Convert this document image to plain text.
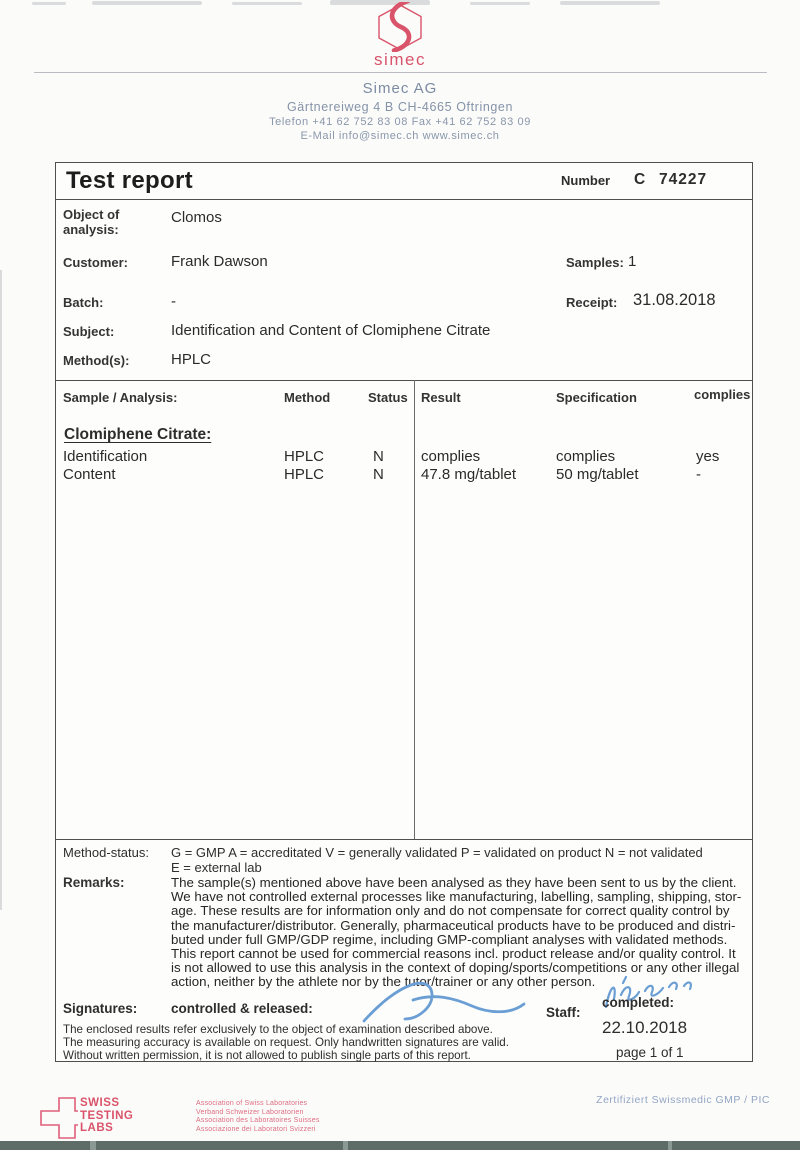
simec
Simec AG
Gärtnereiweg 4 B CH-4665 Oftringen
Telefon +41 62 752 83 08 Fax +41 62 752 83 09
E-Mail info@simec.ch www.simec.ch
Test report	Number C 74227
Object of analysis:
Clomos
Customer:	Frank Dawson	Samples: 1
Batch:	-	Receipt: 31.08.2018
Subject:	Identification and Content of Clomiphene Citrate
Method(s):	HPLC
Sample / Analysis:	Method	Status Result	Specification	complies
Clomiphene Citrate:
Identification	HPLC	N complies	complies	yes
Content	HPLC	N 47.8 mg/tablet	50 mg/tablet	-
Method-status: G = GMP A = accreditated V = generally validated P = validated on product N = not validated
E = external lab
Remarks:	The sample(s) mentioned above have been analysed as they have been sent to us by the client.
We have not controlled external processes like manufacturing, labelling, sampling, shipping, stor-
age. These results are for information only and do not compensate for correct quality control by
the manufacturer/distributor. Generally, pharmaceutical products have to be produced and distri-
buted under full GMP/GDP regime, including GMP-compliant analyses with validated methods.
This report cannot be used for commercial reasons incl. product release and/or quality control. It
is not allowed to use this analysis in the context of doping/sports/competitions or any other illegal
action, neither by the athlete nor by the tutor/trainer or any other person.
Signatures: controlled & released:	Staff:
completed:
22.10.2018
page 1 of 1
The enclosed results refer exclusively to the object of examination described above.
The measuring accuracy is available on request. Only handwritten signatures are valid.
Without written permission, it is not allowed to publish single parts of this report.
SWISS
TESTING
LABS
Association of Swiss Laboratories
Verband Schweizer Laboratorien
Association des Laboratoires Suisses
Associazione dei Laboratori Svizzeri
Zertifiziert Swissmedic GMP / PIC
